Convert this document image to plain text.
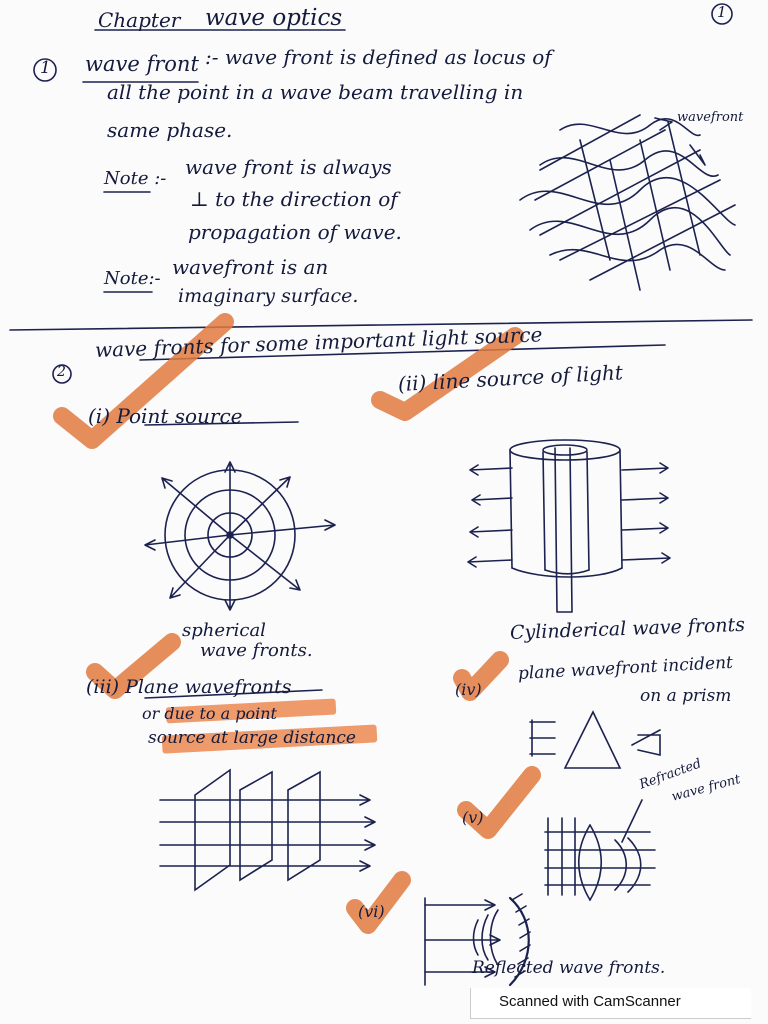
Chapter wave optics	1
1 wave front :- wave front is defined as locus of
all the point in a wave beam travelling in
same phase.
Note :- wave front is always
⊥ to the direction of
propagation of wave.
Note:- wavefront is an
imaginary surface.
wavefront
2
wave fronts for some important light source
(i) Point source
(ii) line source of light
spherical
wave fronts.
Cylinderical wave fronts
(iii) Plane wavefronts
or due to a point
source at large distance
(iv)
plane wavefront incident
on a prism
(v)
Refracted
wave front
(vi)
Reflected wave fronts.
Scanned with CamScanner
